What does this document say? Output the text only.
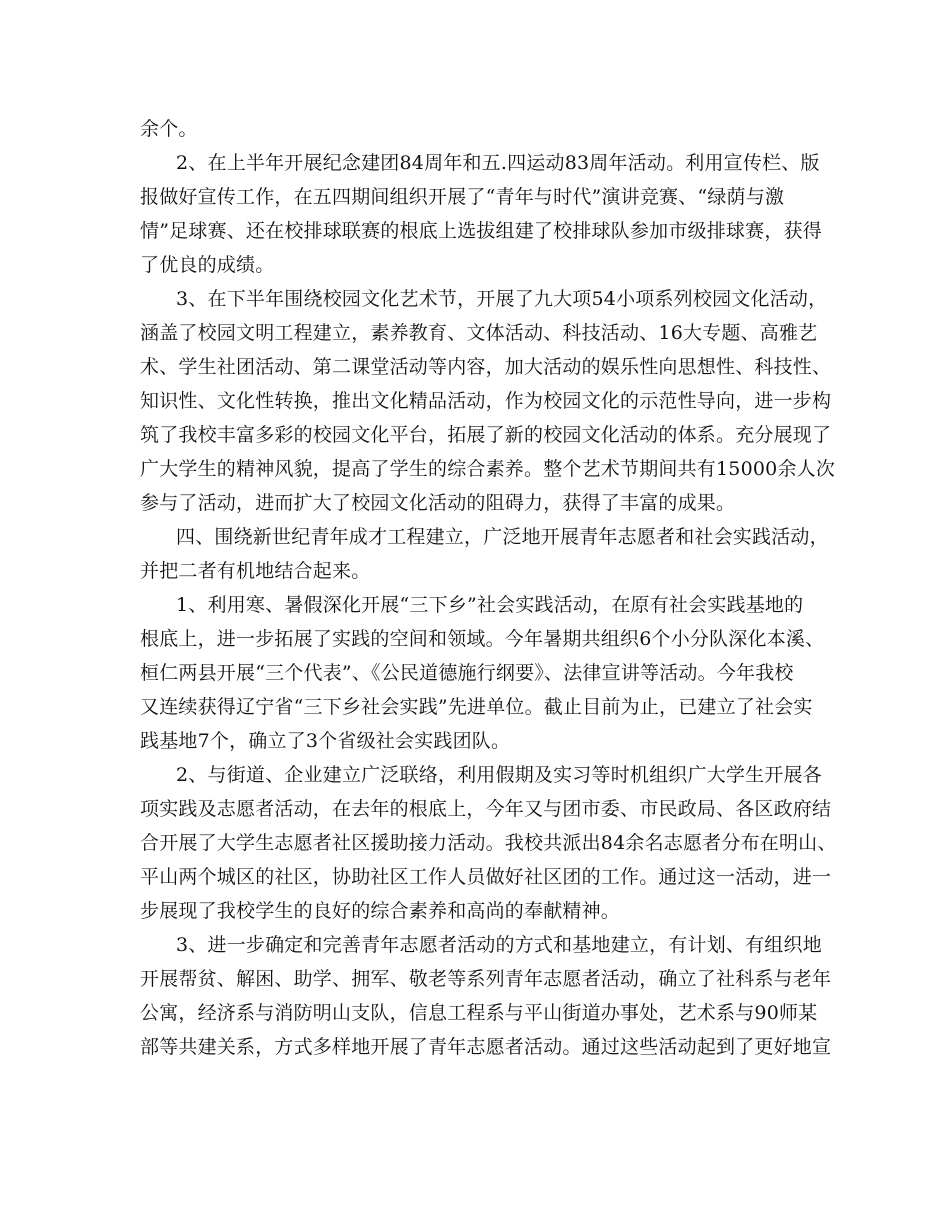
余个。
2、在上半年开展纪念建团84周年和五.四运动83周年活动。利用宣传栏、版
报做好宣传工作，在五四期间组织开展了“青年与时代”演讲竞赛、“绿荫与激
情”足球赛、还在校排球联赛的根底上选拔组建了校排球队参加市级排球赛，获得
了优良的成绩。
3、在下半年围绕校园文化艺术节，开展了九大项54小项系列校园文化活动，
涵盖了校园文明工程建立，素养教育、文体活动、科技活动、16大专题、高雅艺
术、学生社团活动、第二课堂活动等内容，加大活动的娱乐性向思想性、科技性、
知识性、文化性转换，推出文化精品活动，作为校园文化的示范性导向，进一步构
筑了我校丰富多彩的校园文化平台，拓展了新的校园文化活动的体系。充分展现了
广大学生的精神风貌，提高了学生的综合素养。整个艺术节期间共有15000余人次
参与了活动，进而扩大了校园文化活动的阻碍力，获得了丰富的成果。
四、围绕新世纪青年成才工程建立，广泛地开展青年志愿者和社会实践活动，
并把二者有机地结合起来。
1、利用寒、暑假深化开展“三下乡”社会实践活动，在原有社会实践基地的
根底上，进一步拓展了实践的空间和领域。今年暑期共组织6个小分队深化本溪、
桓仁两县开展“三个代表”、《公民道德施行纲要》、法律宣讲等活动。今年我校
又连续获得辽宁省“三下乡社会实践”先进单位。截止目前为止，已建立了社会实
践基地7个，确立了3个省级社会实践团队。
2、与街道、企业建立广泛联络，利用假期及实习等时机组织广大学生开展各
项实践及志愿者活动，在去年的根底上，今年又与团市委、市民政局、各区政府结
合开展了大学生志愿者社区援助接力活动。我校共派出84余名志愿者分布在明山、
平山两个城区的社区，协助社区工作人员做好社区团的工作。通过这一活动，进一
步展现了我校学生的良好的综合素养和高尚的奉献精神。
3、进一步确定和完善青年志愿者活动的方式和基地建立，有计划、有组织地
开展帮贫、解困、助学、拥军、敬老等系列青年志愿者活动，确立了社科系与老年
公寓，经济系与消防明山支队，信息工程系与平山街道办事处，艺术系与90师某
部等共建关系，方式多样地开展了青年志愿者活动。通过这些活动起到了更好地宣
